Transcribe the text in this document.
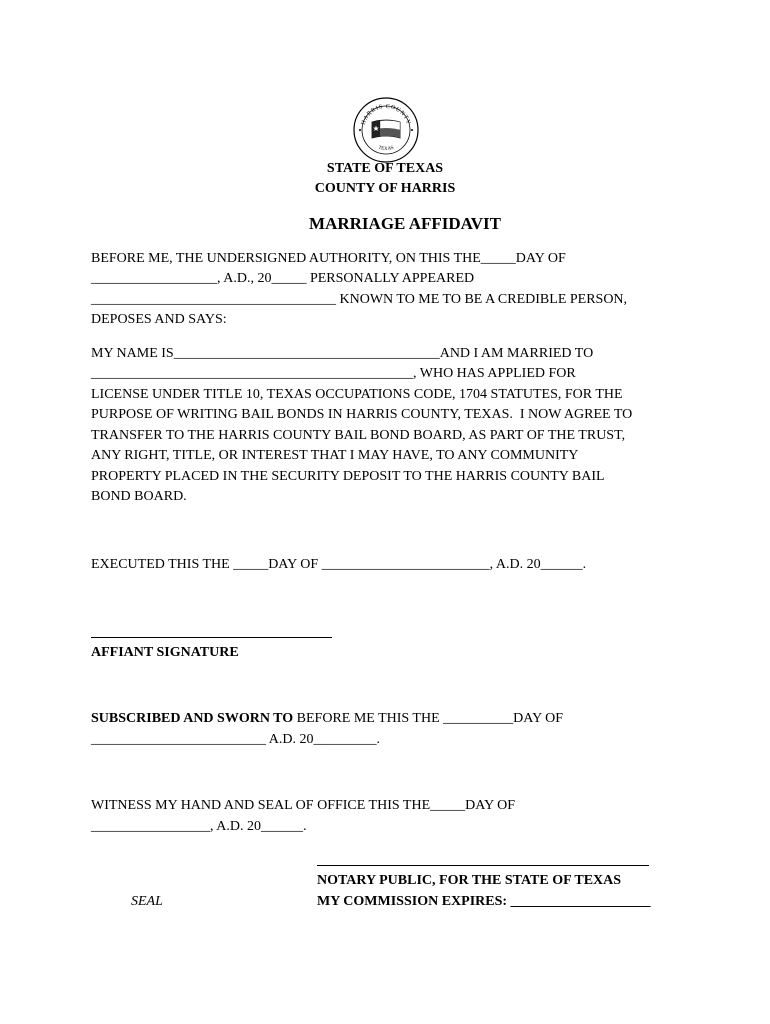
HARRIS COUNTY
TEXAS
STATE OF TEXAS
COUNTY OF HARRIS
MARRIAGE AFFIDAVIT
BEFORE ME, THE UNDERSIGNED AUTHORITY, ON THIS THE_____DAY OF
__________________, A.D., 20_____ PERSONALLY APPEARED
___________________________________ KNOWN TO ME TO BE A CREDIBLE PERSON,
DEPOSES AND SAYS:
MY NAME IS______________________________________AND I AM MARRIED TO
______________________________________________, WHO HAS APPLIED FOR
LICENSE UNDER TITLE 10, TEXAS OCCUPATIONS CODE, 1704 STATUTES, FOR THE
PURPOSE OF WRITING BAIL BONDS IN HARRIS COUNTY, TEXAS.  I NOW AGREE TO
TRANSFER TO THE HARRIS COUNTY BAIL BOND BOARD, AS PART OF THE TRUST,
ANY RIGHT, TITLE, OR INTEREST THAT I MAY HAVE, TO ANY COMMUNITY
PROPERTY PLACED IN THE SECURITY DEPOSIT TO THE HARRIS COUNTY BAIL
BOND BOARD.
EXECUTED THIS THE _____DAY OF ________________________, A.D. 20______.
AFFIANT SIGNATURE
SUBSCRIBED AND SWORN TO BEFORE ME THIS THE __________DAY OF
_________________________ A.D. 20_________.
WITNESS MY HAND AND SEAL OF OFFICE THIS THE_____DAY OF
_________________, A.D. 20______.
NOTARY PUBLIC, FOR THE STATE OF TEXAS
MY COMMISSION EXPIRES: ____________________
SEAL
